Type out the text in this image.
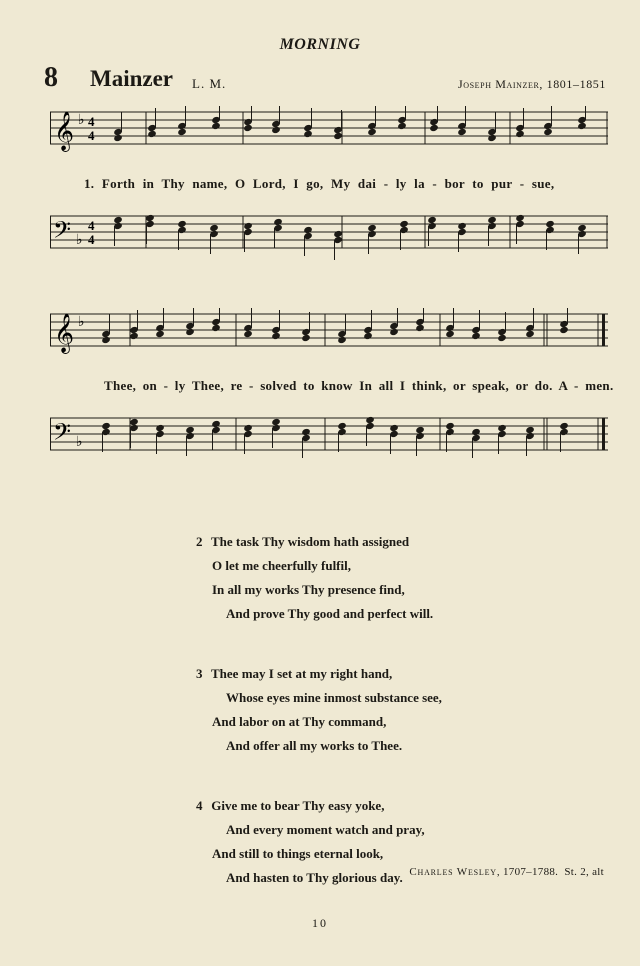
MORNING
8 Mainzer L. M.	Joseph Mainzer, 1801–1851
𝄞 ♭ 4
4
1. Forth in Thy name, O Lord, I go, My dai - ly la - bor to pur - sue,
𝄢 ♭
4
4
𝄞 ♭
Thee, on - ly Thee, re - solved to know In all I think, or speak, or do. A - men.
𝄢 ♭
2 The task Thy wisdom hath assigned
O let me cheerfully fulfil,
In all my works Thy presence find,
And prove Thy good and perfect will.
3 Thee may I set at my right hand,
Whose eyes mine inmost substance see,
And labor on at Thy command,
And offer all my works to Thee.
4 Give me to bear Thy easy yoke,
And every moment watch and pray,
And still to things eternal look,
And hasten to Thy glorious day. Charles Wesley, 1707–1788. St. 2, alt
10
